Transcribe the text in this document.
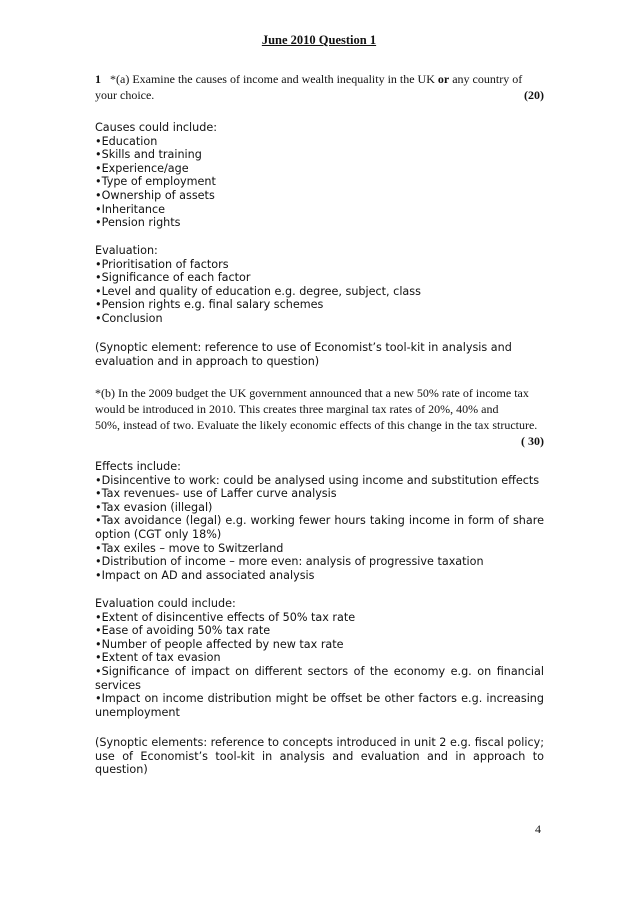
June 2010 Question 1
1 *(a) Examine the causes of income and wealth inequality in the UK or any country of
your choice.	(20)
Causes could include:
• Education
• Skills and training
• Experience/age
• Type of employment
• Ownership of assets
• Inheritance
• Pension rights
Evaluation:
• Prioritisation of factors
• Significance of each factor
• Level and quality of education e.g. degree, subject, class
• Pension rights e.g. final salary schemes
• Conclusion
(Synoptic element: reference to use of Economist’s tool-kit in analysis and
evaluation and in approach to question)
*(b) In the 2009 budget the UK government announced that a new 50% rate of income tax
would be introduced in 2010. This creates three marginal tax rates of 20%, 40% and
50%, instead of two. Evaluate the likely economic effects of this change in the tax structure.
( 30)
Effects include:
• Disincentive to work: could be analysed using income and substitution effects
• Tax revenues- use of Laffer curve analysis
• Tax evasion (illegal)
• Tax avoidance (legal) e.g. working fewer hours taking income in form of share option (CGT only 18%)
• Tax exiles – move to Switzerland
• Distribution of income – more even: analysis of progressive taxation
• Impact on AD and associated analysis
Evaluation could include:
• Extent of disincentive effects of 50% tax rate
• Ease of avoiding 50% tax rate
• Number of people affected by new tax rate
• Extent of tax evasion
• Significance of impact on different sectors of the economy e.g. on financial services
• Impact on income distribution might be offset be other factors e.g. increasing unemployment
(Synoptic elements: reference to concepts introduced in unit 2 e.g. fiscal policy; use of Economist’s tool-kit in analysis and evaluation and in approach to question)
4
